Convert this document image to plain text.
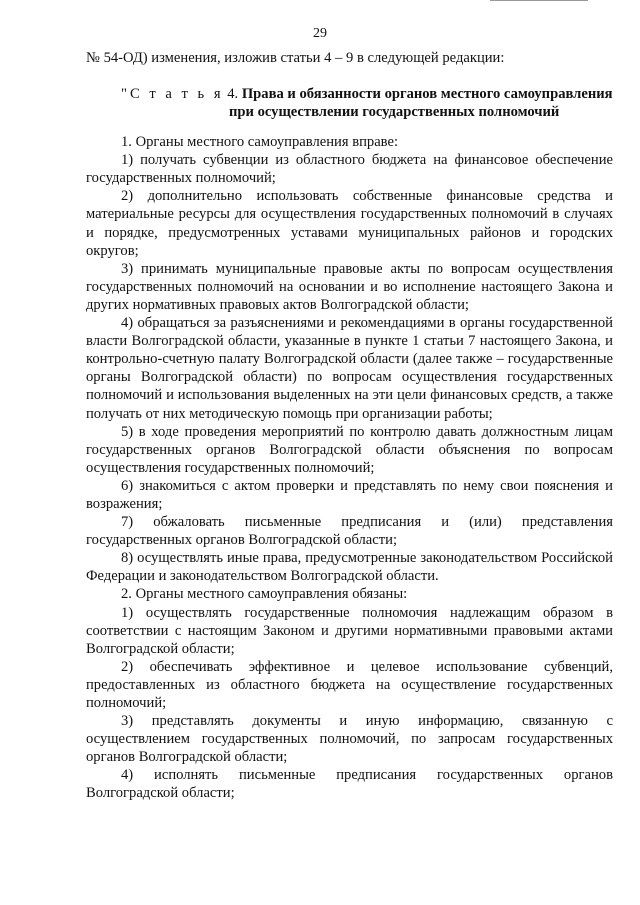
29

№ 54-ОД) изменения, изложив статьи 4 – 9 в следующей редакции:

"С т а т ь я 4. Права и обязанности органов местного самоуправления
при осуществлении государственных полномочий

1. Органы местного самоуправления вправе:

1) получать субвенции из областного бюджета на финансовое обеспечение государственных полномочий;

2) дополнительно использовать собственные финансовые средства и материальные ресурсы для осуществления государственных полномочий в случаях и порядке, предусмотренных уставами муниципальных районов и городских округов;

3) принимать муниципальные правовые акты по вопросам осуществления государственных полномочий на основании и во исполнение настоящего Закона и других нормативных правовых актов Волгоградской области;

4) обращаться за разъяснениями и рекомендациями в органы государственной власти Волгоградской области, указанные в пункте 1 статьи 7 настоящего Закона, и контрольно-счетную палату Волгоградской области (далее также – государственные органы Волгоградской области) по вопросам осуществления государственных полномочий и использования выделенных на эти цели финансовых средств, а также получать от них методическую помощь при организации работы;

5) в ходе проведения мероприятий по контролю давать должностным лицам государственных органов Волгоградской области объяснения по вопросам осуществления государственных полномочий;

6) знакомиться с актом проверки и представлять по нему свои пояснения и возражения;

7) обжаловать письменные предписания и (или) представления государственных органов Волгоградской области;

8) осуществлять иные права, предусмотренные законодательством Российской Федерации и законодательством Волгоградской области.

2. Органы местного самоуправления обязаны:

1) осуществлять государственные полномочия надлежащим образом в соответствии с настоящим Законом и другими нормативными правовыми актами Волгоградской области;

2) обеспечивать эффективное и целевое использование субвенций, предоставленных из областного бюджета на осуществление государственных полномочий;

3) представлять документы и иную информацию, связанную с осуществлением государственных полномочий, по запросам государственных органов Волгоградской области;

4) исполнять письменные предписания государственных органов Волгоградской области;
